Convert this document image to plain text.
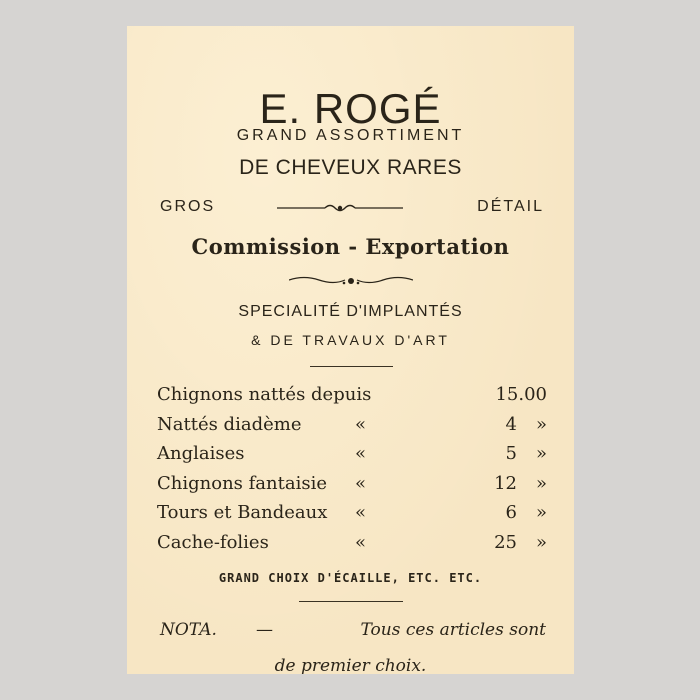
E. ROGÉ
GRAND ASSORTIMENT
DE CHEVEUX RARES
GROS	DÉTAIL
Commission - Exportation
SPECIALITÉ D'IMPLANTÉS
& DE TRAVAUX D'ART
Chignons nattés depuis	15.00
Nattés diadème	«	4 »
Anglaises	«	5 »
Chignons fantaisie «	12 »
Tours et Bandeaux «	6 »
Cache-folies	«	25 »
GRAND CHOIX D'ÉCAILLE, ETC. ETC.
NOTA. —	Tous ces articles sont
de premier choix.
